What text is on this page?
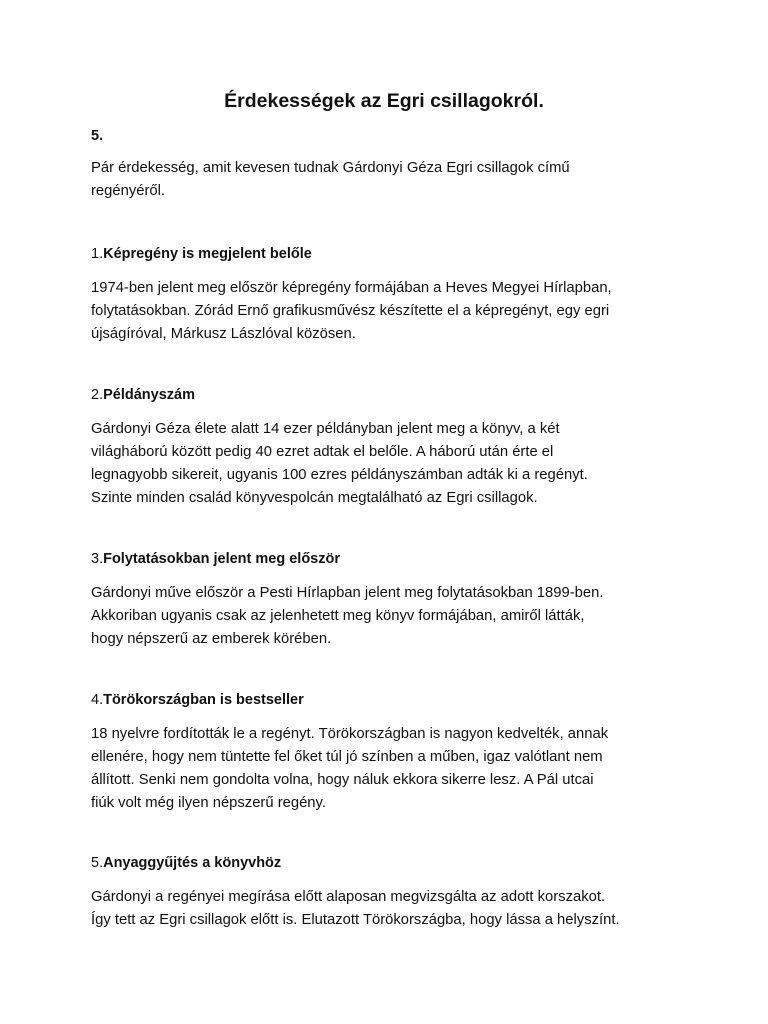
Érdekességek az Egri csillagokról.
5.

Pár érdekesség, amit kevesen tudnak Gárdonyi Géza Egri csillagok című
regényéről.

1.Képregény is megjelent belőle

1974-ben jelent meg először képregény formájában a Heves Megyei Hírlapban,
folytatásokban. Zórád Ernő grafikusművész készítette el a képregényt, egy egri
újságíróval, Márkusz Lászlóval közösen.

2.Példányszám

Gárdonyi Géza élete alatt 14 ezer példányban jelent meg a könyv, a két
világháború között pedig 40 ezret adtak el belőle. A háború után érte el
legnagyobb sikereit, ugyanis 100 ezres példányszámban adták ki a regényt.
Szinte minden család könyvespolcán megtalálható az Egri csillagok.

3.Folytatásokban jelent meg először

Gárdonyi műve először a Pesti Hírlapban jelent meg folytatásokban 1899-ben.
Akkoriban ugyanis csak az jelenhetett meg könyv formájában, amiről látták,
hogy népszerű az emberek körében.

4.Törökországban is bestseller

18 nyelvre fordították le a regényt. Törökországban is nagyon kedvelték, annak
ellenére, hogy nem tüntette fel őket túl jó színben a műben, igaz valótlant nem
állított. Senki nem gondolta volna, hogy náluk ekkora sikerre lesz. A Pál utcai
fiúk volt még ilyen népszerű regény.

5.Anyaggyűjtés a könyvhöz

Gárdonyi a regényei megírása előtt alaposan megvizsgálta az adott korszakot.
Így tett az Egri csillagok előtt is. Elutazott Törökországba, hogy lássa a helyszínt.
